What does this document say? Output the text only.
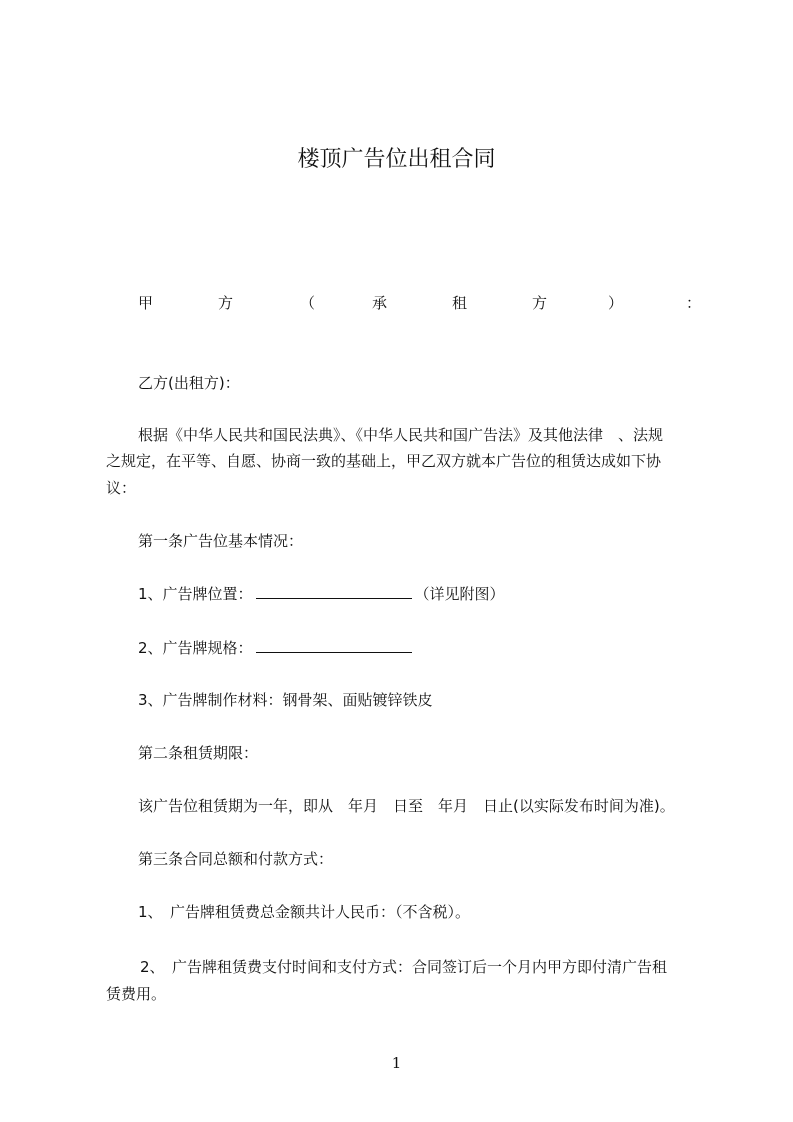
楼顶广告位出租合同
甲	方	（	承	租	方	）	：
乙方(出租方)：
根据《中华人民共和国民法典》、《中华人民共和国广告法》及其他法律　、法规
之规定，在平等、自愿、协商一致的基础上，甲乙双方就本广告位的租赁达成如下协
议：
第一条广告位基本情况：
1、广告牌位置：	（详见附图）
2、广告牌规格：
3、广告牌制作材料：钢骨架、面贴镀锌铁皮
第二条租赁期限：
该广告位租赁期为一年，即从　年月　日至　年月　日止(以实际发布时间为准)。
第三条合同总额和付款方式：
1、　广告牌租赁费总金额共计人民币：（不含税）。
2、　广告牌租赁费支付时间和支付方式：合同签订后一个月内甲方即付清广告租
赁费用。
1
